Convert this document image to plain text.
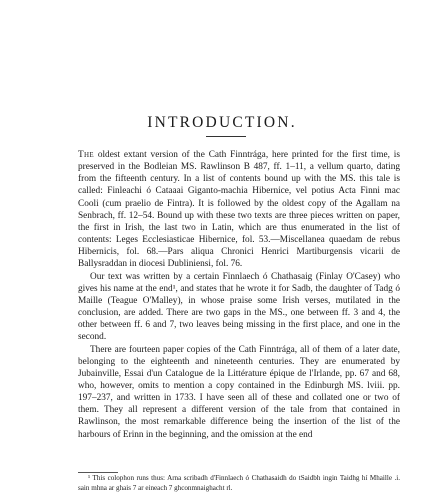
INTRODUCTION.

The oldest extant version of the Cath Finntrága, here printed for the first time, is preserved in the Bodleian MS. Rawlinson B 487, ff. 1–11, a vellum quarto, dating from the fifteenth century. In a list of contents bound up with the MS. this tale is called: Finleachi ó Cataaai Giganto-machia Hibernice, vel potius Acta Finni mac Cooli (cum praelio de Fintra). It is followed by the oldest copy of the Agallam na Senbrach, ff. 12–54. Bound up with these two texts are three pieces written on paper, the first in Irish, the last two in Latin, which are thus enumerated in the list of contents: Leges Ecclesiasticae Hibernice, fol. 53.—Miscellanea quaedam de rebus Hibernicis, fol. 68.—Pars aliqua Chronici Henrici Martiburgensis vicarii de Ballysraddan in diocesi Dubliniensi, fol. 76.

Our text was written by a certain Finnlaech ó Chathasaig (Finlay O'Casey) who gives his name at the end¹, and states that he wrote it for Sadb, the daughter of Tadg ó Maille (Teague O'Malley), in whose praise some Irish verses, mutilated in the conclusion, are added. There are two gaps in the MS., one between ff. 3 and 4, the other between ff. 6 and 7, two leaves being missing in the first place, and one in the second.

There are fourteen paper copies of the Cath Finntrága, all of them of a later date, belonging to the eighteenth and nineteenth centuries. They are enumerated by Jubainville, Essai d'un Catalogue de la Littérature épique de l'Irlande, pp. 67 and 68, who, however, omits to mention a copy contained in the Edinburgh MS. lviii. pp. 197–237, and written in 1733. I have seen all of these and collated one or two of them. They all represent a different version of the tale from that contained in Rawlinson, the most remarkable difference being the insertion of the list of the harbours of Erinn in the beginning, and the omission at the end

¹ This colophon runs thus: Arna scribadh d'Finnlaech ó Chathasaidh do tSaidbh ingin Taidhg hí Mhaille .i. sain mhna ar ghais 7 ar eineach 7 ghconmnaighacht rl.
